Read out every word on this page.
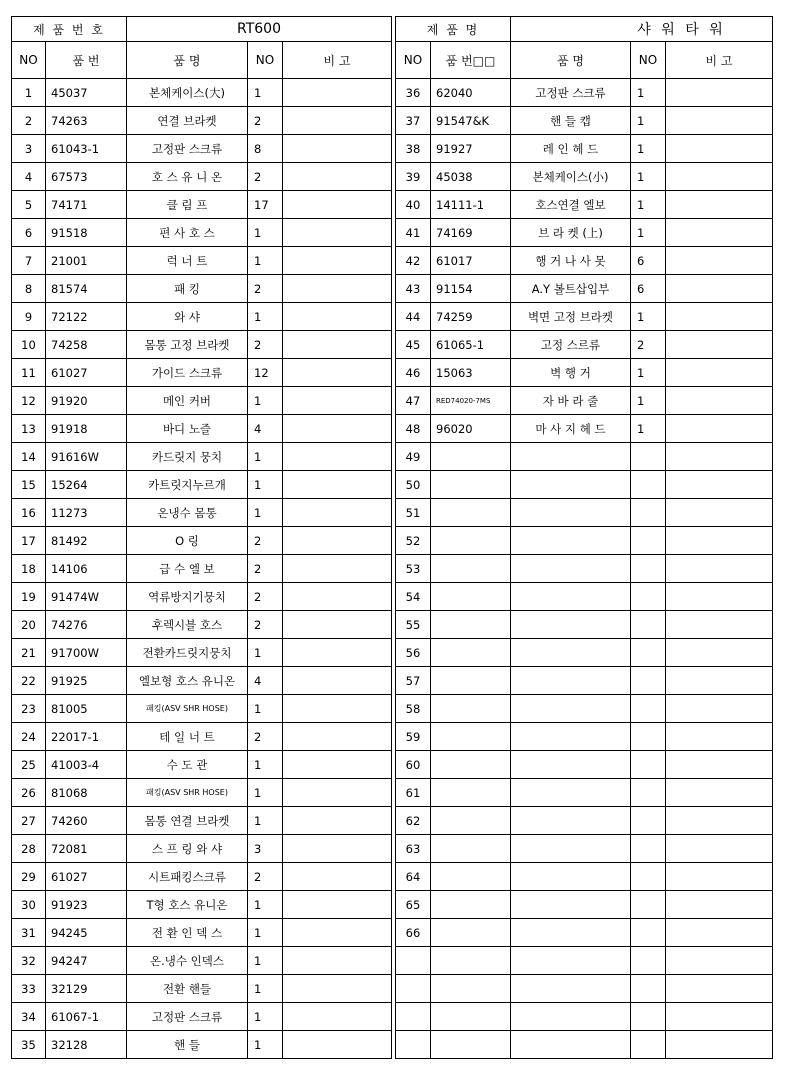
제 품 번 호		RT600		
NO	품 번	품 명	NO	비 고
1	45037	본체케이스(大)	1	
2	74263	연결 브라켓	2	
3	61043-1	고정판 스크류	8	
4	67573	호 스 유 니 온	2	
5	74171	클 림 프	17	
6	91518	편 사 호 스	1	
7	21001	럭 너 트	1	
8	81574	패 킹	2	
9	72122	와 샤	1	
10	74258	몸통 고정 브라켓	2	
11	61027	가이드 스크류	12	
12	91920	메인 커버	1	
13	91918	바디 노즐	4	
14	91616W	카드릿지 뭉치	1	
15	15264	카트릿지누르개	1	
16	11273	온냉수 몸통	1	
17	81492	O 링	2	
18	14106	급 수 엘 보	2	
19	91474W	역류방지기뭉치	2	
20	74276	후렉시블 호스	2	
21	91700W	전환카드릿지뭉치	1	
22	91925	엘보형 호스 유니온	4	
23	81005	패킹(ASV SHR HOSE)	1	
24	22017-1	테 일 너 트	2	
25	41003-4	수 도 관	1	
26	81068	패킹(ASV SHR HOSE)	1	
27	74260	몸통 연결 브라켓	1	
28	72081	스 프 링 와 샤	3	
29	61027	시트패킹스크류	2	
30	91923	T형 호스 유니온	1	
31	94245	전 환 인 덱 스	1	
32	94247	온.냉수 인덱스	1	
33	32129	전환 핸들	1	
34	61067-1	고정판 스크류	1	
35	32128	핸 들	1	
제 품 명		샤 워 타 워		
NO	품 번□□	품 명	NO	비 고
36	62040	고정판 스크류	1	
37	91547&K	핸 들 캡	1	
38	91927	레 인 헤 드	1	
39	45038	본체케이스(小)	1	
40	14111-1	호스연결 엘보	1	
41	74169	브 라 켓 (上)	1	
42	61017	행 거 나 사 못	6	
43	91154	A.Y 볼트삽입부	6	
44	74259	벽면 고정 브라켓	1	
45	61065-1	고정 스르류	2	
46	15063	벽 행 거	1	
47	RED74020-7MS	자 바 라 줄	1	
48	96020	마 사 지 헤 드	1	
49				
50				
51				
52				
53				
54				
55				
56				
57				
58				
59				
60				
61				
62				
63				
64				
65				
66				
